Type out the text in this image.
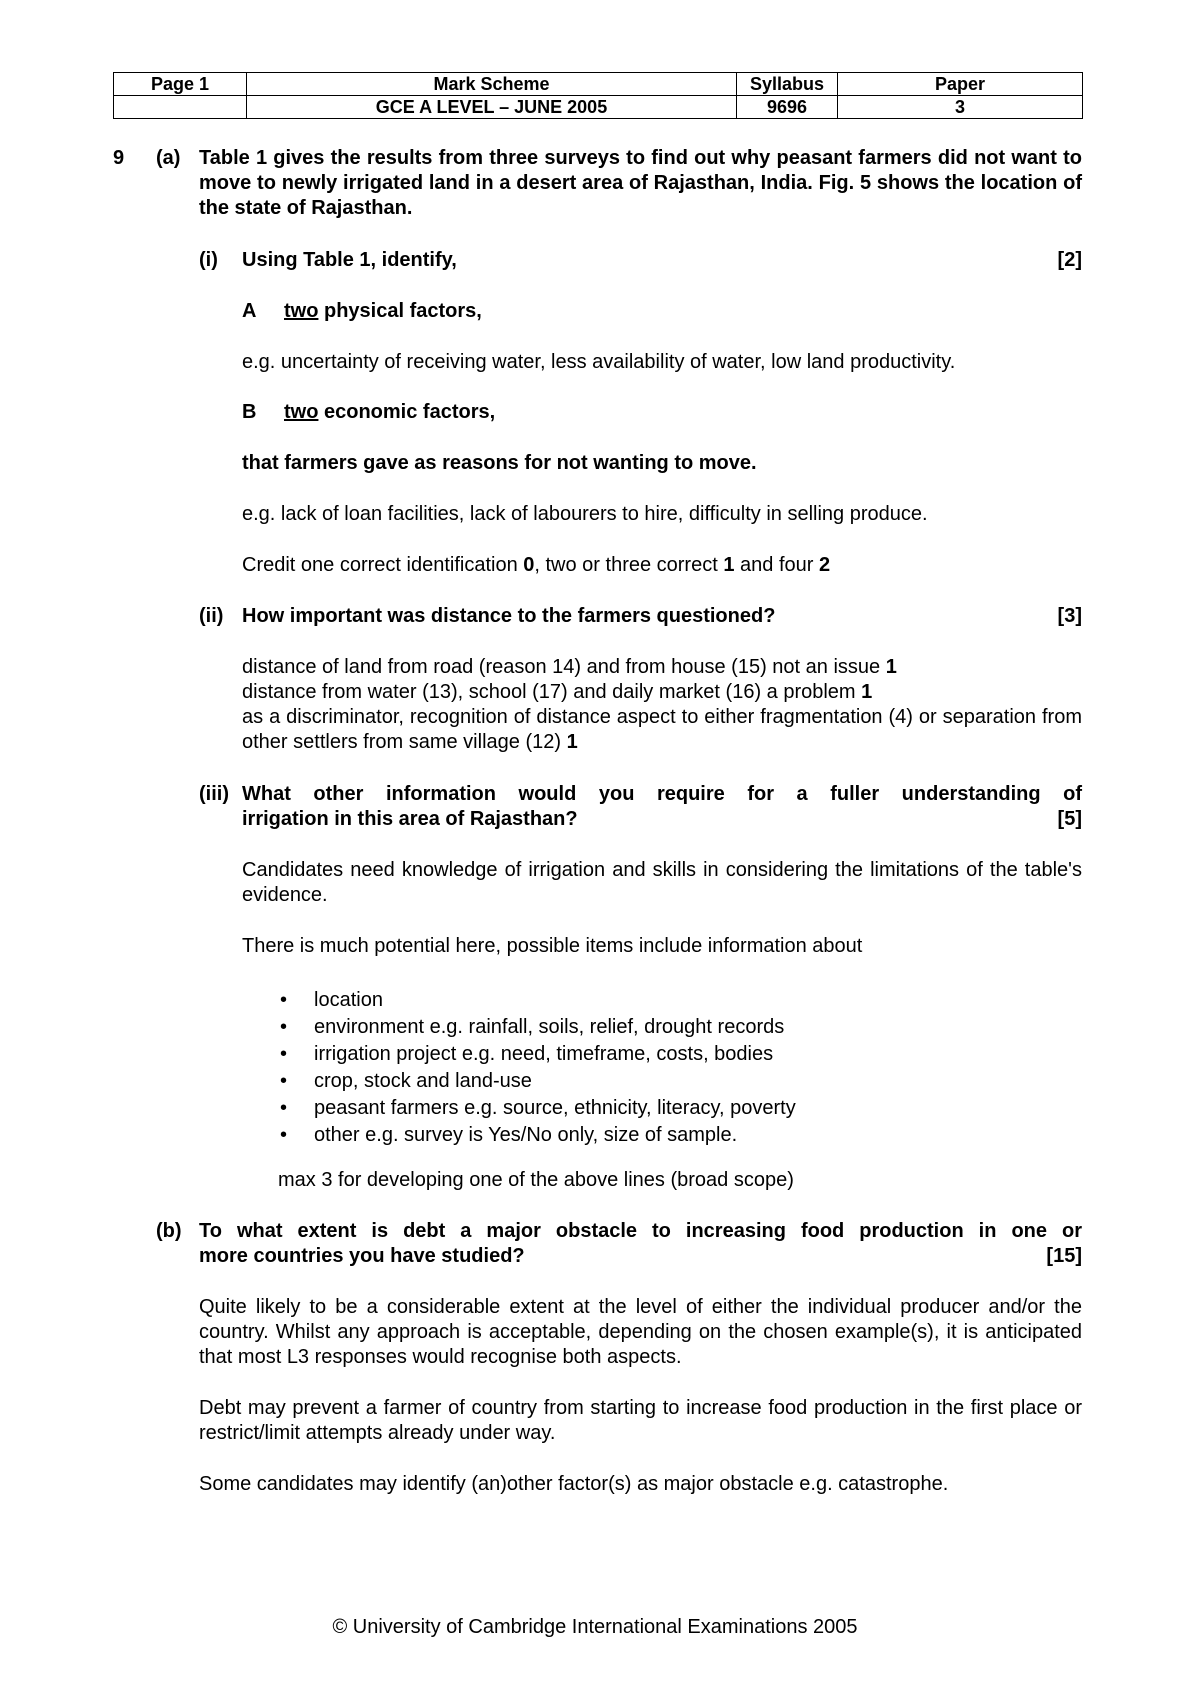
Page 1	Mark Scheme	Syllabus	Paper
	GCE A LEVEL – JUNE 2005	9696	3
9 (a) Table 1 gives the results from three surveys to find out why peasant farmers did not want to move to newly irrigated land in a desert area of Rajasthan, India. Fig. 5 shows the location of the state of Rajasthan.
(i) Using Table 1, identify,	[2]
A two physical factors,
e.g. uncertainty of receiving water, less availability of water, low land productivity.
B two economic factors,
that farmers gave as reasons for not wanting to move.
e.g. lack of loan facilities, lack of labourers to hire, difficulty in selling produce.
Credit one correct identification 0, two or three correct 1 and four 2
(ii) How important was distance to the farmers questioned?	[3]
distance of land from road (reason 14) and from house (15) not an issue 1
distance from water (13), school (17) and daily market (16) a problem 1
as a discriminator, recognition of distance aspect to either fragmentation (4) or separation from other settlers from same village (12) 1
(iii) What other information would you require for a fuller understanding of
irrigation in this area of Rajasthan?	[5]
Candidates need knowledge of irrigation and skills in considering the limitations of the table's evidence.
There is much potential here, possible items include information about
• location
• environment e.g. rainfall, soils, relief, drought records
• irrigation project e.g. need, timeframe, costs, bodies
• crop, stock and land-use
• peasant farmers e.g. source, ethnicity, literacy, poverty
• other e.g. survey is Yes/No only, size of sample.
max 3 for developing one of the above lines (broad scope)
(b) To what extent is debt a major obstacle to increasing food production in one or
more countries you have studied?	[15]
Quite likely to be a considerable extent at the level of either the individual producer and/or the country. Whilst any approach is acceptable, depending on the chosen example(s), it is anticipated that most L3 responses would recognise both aspects.
Debt may prevent a farmer of country from starting to increase food production in the first place or restrict/limit attempts already under way.
Some candidates may identify (an)other factor(s) as major obstacle e.g. catastrophe.
© University of Cambridge International Examinations 2005
